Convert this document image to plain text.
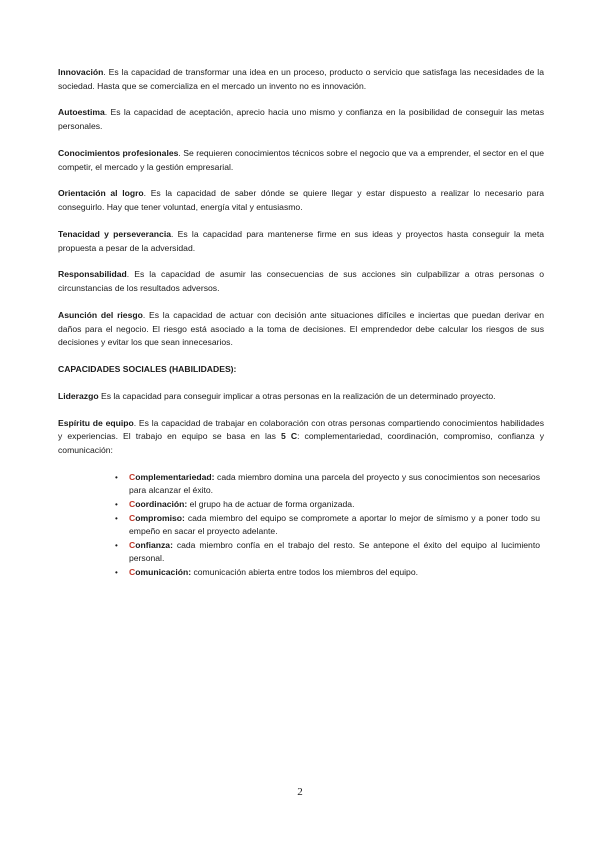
Innovación. Es la capacidad de transformar una idea en un proceso, producto o servicio que satisfaga las necesidades de la sociedad. Hasta que se comercializa en el mercado un invento no es innovación.

Autoestima. Es la capacidad de aceptación, aprecio hacia uno mismo y confianza en la posibilidad de conseguir las metas personales.

Conocimientos profesionales. Se requieren conocimientos técnicos sobre el negocio que va a emprender, el sector en el que competir, el mercado y la gestión empresarial.

Orientación al logro. Es la capacidad de saber dónde se quiere llegar y estar dispuesto a realizar lo necesario para conseguirlo. Hay que tener voluntad, energía vital y entusiasmo.

Tenacidad y perseverancia. Es la capacidad para mantenerse firme en sus ideas y proyectos hasta conseguir la meta propuesta a pesar de la adversidad.

Responsabilidad. Es la capacidad de asumir las consecuencias de sus acciones sin culpabilizar a otras personas o circunstancias de los resultados adversos.

Asunción del riesgo. Es la capacidad de actuar con decisión ante situaciones difíciles e inciertas que puedan derivar en daños para el negocio. El riesgo está asociado a la toma de decisiones. El emprendedor debe calcular los riesgos de sus decisiones y evitar los que sean innecesarios.

CAPACIDADES SOCIALES (HABILIDADES):

Liderazgo Es la capacidad para conseguir implicar a otras personas en la realización de un determinado proyecto.

Espíritu de equipo. Es la capacidad de trabajar en colaboración con otras personas compartiendo conocimientos habilidades y experiencias. El trabajo en equipo se basa en las 5 C: complementariedad, coordinación, compromiso, confianza y comunicación:

• Complementariedad: cada miembro domina una parcela del proyecto y sus conocimientos son necesarios para alcanzar el éxito.
• Coordinación: el grupo ha de actuar de forma organizada.
• Compromiso: cada miembro del equipo se compromete a aportar lo mejor de símismo y a poner todo su empeño en sacar el proyecto adelante.
• Confianza: cada miembro confía en el trabajo del resto. Se antepone el éxito del equipo al lucimiento personal.
• Comunicación: comunicación abierta entre todos los miembros del equipo.
2
